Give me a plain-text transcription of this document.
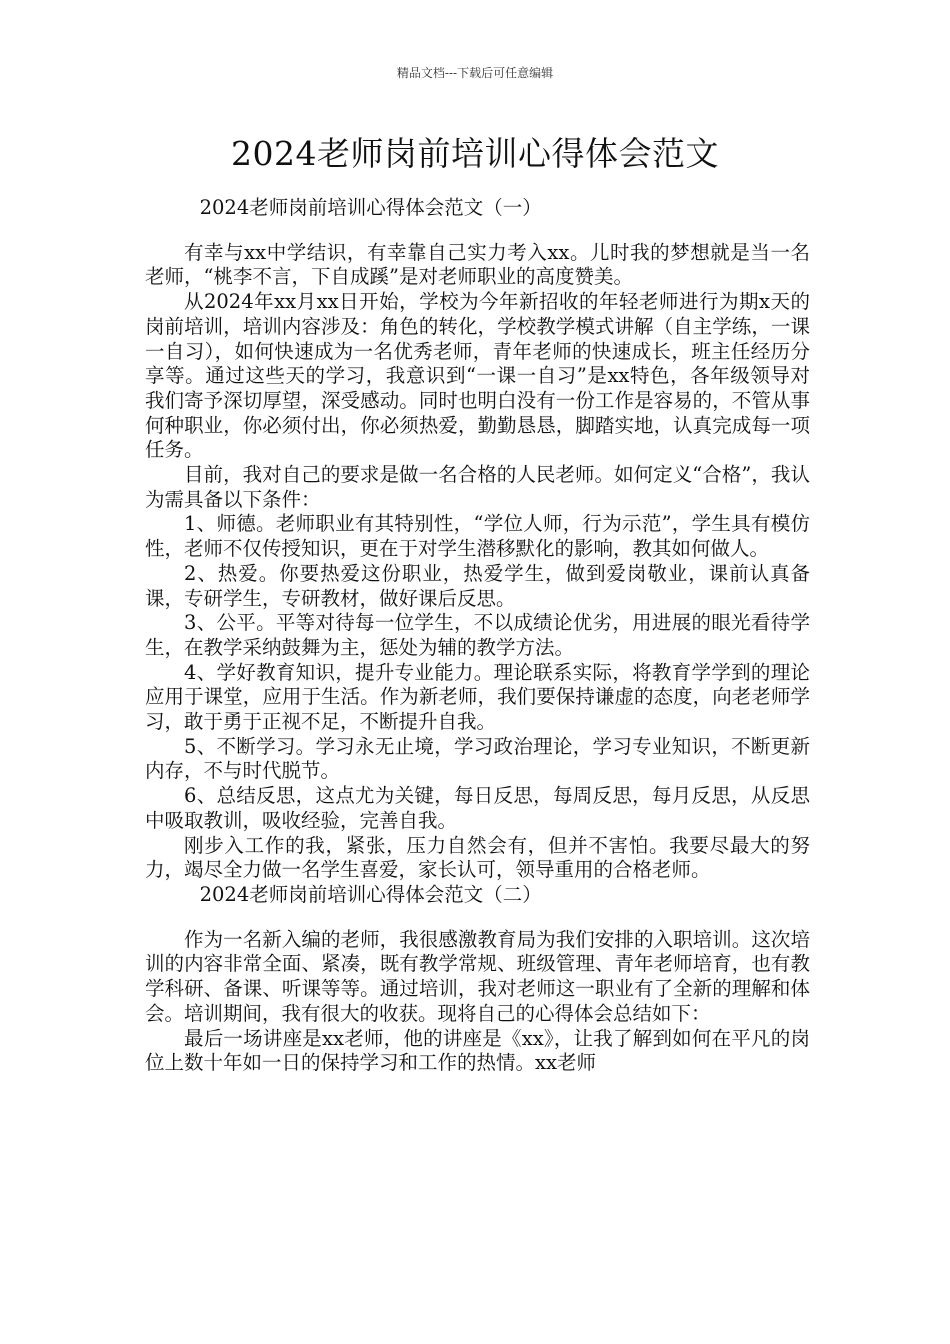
精品文档---下载后可任意编辑
2024老师岗前培训心得体会范文

2024老师岗前培训心得体会范文（一）

有幸与xx中学结识，有幸靠自己实力考入xx。儿时我的梦想就是当一名老师，“桃李不言，下自成蹊”是对老师职业的高度赞美。

从2024年xx月xx日开始，学校为今年新招收的年轻老师进行为期x天的岗前培训，培训内容涉及：角色的转化，学校教学模式讲解（自主学练，一课一自习），如何快速成为一名优秀老师，青年老师的快速成长，班主任经历分享等。通过这些天的学习，我意识到“一课一自习”是xx特色，各年级领导对我们寄予深切厚望，深受感动。同时也明白没有一份工作是容易的，不管从事何种职业，你必须付出，你必须热爱，勤勤恳恳，脚踏实地，认真完成每一项任务。

目前，我对自己的要求是做一名合格的人民老师。如何定义“合格”，我认为需具备以下条件：

1、师德。老师职业有其特别性，“学位人师，行为示范”，学生具有模仿性，老师不仅传授知识，更在于对学生潜移默化的影响，教其如何做人。

2、热爱。你要热爱这份职业，热爱学生，做到爱岗敬业，课前认真备课，专研学生，专研教材，做好课后反思。

3、公平。平等对待每一位学生，不以成绩论优劣，用进展的眼光看待学生，在教学采纳鼓舞为主，惩处为辅的教学方法。

4、学好教育知识，提升专业能力。理论联系实际，将教育学学到的理论应用于课堂，应用于生活。作为新老师，我们要保持谦虚的态度，向老老师学习，敢于勇于正视不足，不断提升自我。

5、不断学习。学习永无止境，学习政治理论，学习专业知识，不断更新内存，不与时代脱节。

6、总结反思，这点尤为关键，每日反思，每周反思，每月反思，从反思中吸取教训，吸收经验，完善自我。

刚步入工作的我，紧张，压力自然会有，但并不害怕。我要尽最大的努力，竭尽全力做一名学生喜爱，家长认可，领导重用的合格老师。

2024老师岗前培训心得体会范文（二）

作为一名新入编的老师，我很感激教育局为我们安排的入职培训。这次培训的内容非常全面、紧凑，既有教学常规、班级管理、青年老师培育，也有教学科研、备课、听课等等。通过培训，我对老师这一职业有了全新的理解和体会。培训期间，我有很大的收获。现将自己的心得体会总结如下：

最后一场讲座是xx老师，他的讲座是《xx》，让我了解到如何在平凡的岗位上数十年如一日的保持学习和工作的热情。xx老师
